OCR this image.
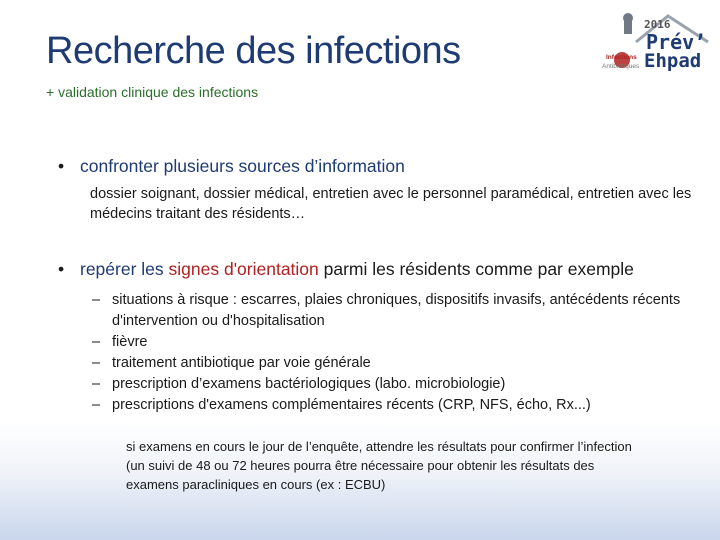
Recherche des infections
+ validation clinique des infections
2016
Prév’
Ehpad
Infections
Antibiotiques
• confronter plusieurs sources d’information
dossier soignant, dossier médical, entretien avec le personnel paramédical, entretien avec les médecins traitant des résidents…
• repérer les signes d'orientation parmi les résidents comme par exemple
– situations à risque : escarres, plaies chroniques, dispositifs invasifs, antécédents récents d'intervention ou d'hospitalisation
– fièvre
– traitement antibiotique par voie générale
– prescription d’examens bactériologiques (labo. microbiologie)
– prescriptions d'examens complémentaires récents (CRP, NFS, écho, Rx...)
si examens en cours le jour de l’enquête, attendre les résultats pour confirmer l’infection (un suivi de 48 ou 72 heures pourra être nécessaire pour obtenir les résultats des examens paracliniques en cours (ex : ECBU)
